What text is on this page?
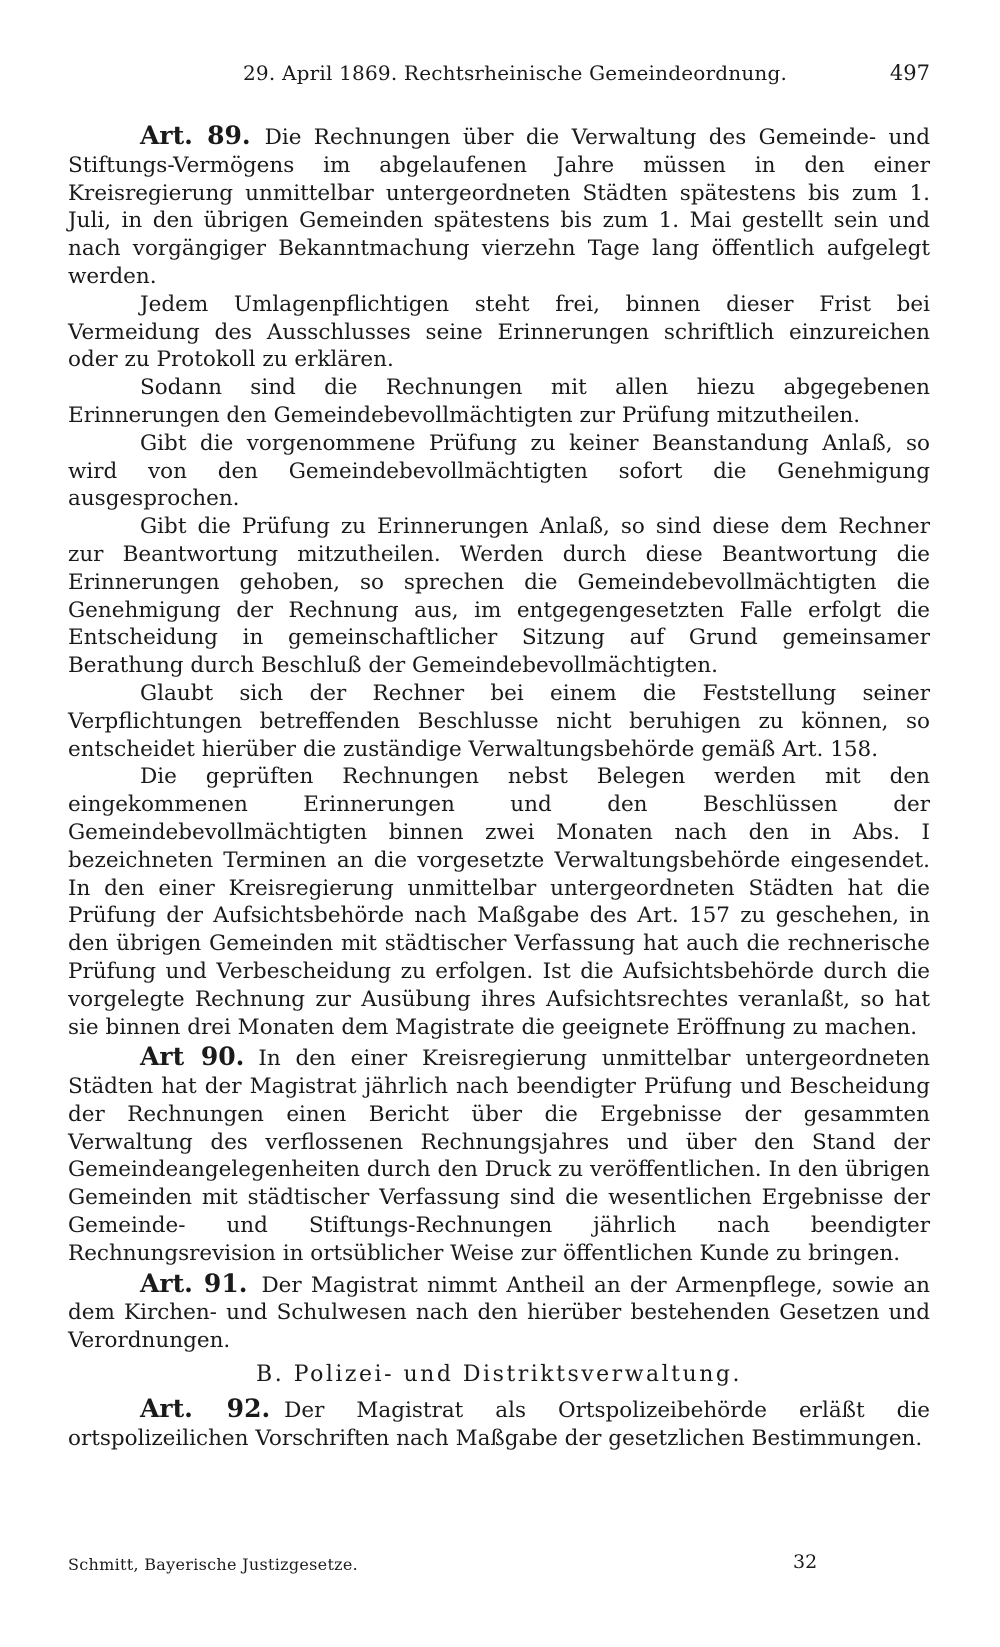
29. April 1869. Rechtsrheinische Gemeindeordnung.	497

Art. 89. Die Rechnungen über die Verwaltung des Gemeinde- und Stiftungs-Vermögens im abgelaufenen Jahre müssen in den einer Kreisregierung unmittelbar untergeordneten Städten spätestens bis zum 1. Juli, in den übrigen Gemeinden spätestens bis zum 1. Mai gestellt sein und nach vorgängiger Bekanntmachung vierzehn Tage lang öffentlich aufgelegt werden.

Jedem Umlagenpflichtigen steht frei, binnen dieser Frist bei Vermeidung des Ausschlusses seine Erinnerungen schriftlich einzureichen oder zu Protokoll zu erklären.

Sodann sind die Rechnungen mit allen hiezu abgegebenen Erinnerungen den Gemeindebevollmächtigten zur Prüfung mitzutheilen.

Gibt die vorgenommene Prüfung zu keiner Beanstandung Anlaß, so wird von den Gemeindebevollmächtigten sofort die Genehmigung ausgesprochen.

Gibt die Prüfung zu Erinnerungen Anlaß, so sind diese dem Rechner zur Beantwortung mitzutheilen. Werden durch diese Beantwortung die Erinnerungen gehoben, so sprechen die Gemeindebevollmächtigten die Genehmigung der Rechnung aus, im entgegengesetzten Falle erfolgt die Entscheidung in gemeinschaftlicher Sitzung auf Grund gemeinsamer Berathung durch Beschluß der Gemeindebevollmächtigten.

Glaubt sich der Rechner bei einem die Feststellung seiner Verpflichtungen betreffenden Beschlusse nicht beruhigen zu können, so entscheidet hierüber die zuständige Verwaltungsbehörde gemäß Art. 158.

Die geprüften Rechnungen nebst Belegen werden mit den eingekommenen Erinnerungen und den Beschlüssen der Gemeindebevollmächtigten binnen zwei Monaten nach den in Abs. I bezeichneten Terminen an die vorgesetzte Verwaltungsbehörde eingesendet. In den einer Kreisregierung unmittelbar untergeordneten Städten hat die Prüfung der Aufsichtsbehörde nach Maßgabe des Art. 157 zu geschehen, in den übrigen Gemeinden mit städtischer Verfassung hat auch die rechnerische Prüfung und Verbescheidung zu erfolgen. Ist die Aufsichtsbehörde durch die vorgelegte Rechnung zur Ausübung ihres Aufsichtsrechtes veranlaßt, so hat sie binnen drei Monaten dem Magistrate die geeignete Eröffnung zu machen.

Art 90. In den einer Kreisregierung unmittelbar untergeordneten Städten hat der Magistrat jährlich nach beendigter Prüfung und Bescheidung der Rechnungen einen Bericht über die Ergebnisse der gesammten Verwaltung des verflossenen Rechnungsjahres und über den Stand der Gemeindeangelegenheiten durch den Druck zu veröffentlichen. In den übrigen Gemeinden mit städtischer Verfassung sind die wesentlichen Ergebnisse der Gemeinde- und Stiftungs-Rechnungen jährlich nach beendigter Rechnungsrevision in ortsüblicher Weise zur öffentlichen Kunde zu bringen.

Art. 91. Der Magistrat nimmt Antheil an der Armenpflege, sowie an dem Kirchen- und Schulwesen nach den hierüber bestehenden Gesetzen und Verordnungen.

B. Polizei- und Distriktsverwaltung.

Art. 92. Der Magistrat als Ortspolizeibehörde erläßt die ortspolizeilichen Vorschriften nach Maßgabe der gesetzlichen Bestimmungen.

Schmitt, Bayerische Justizgesetze.	32
